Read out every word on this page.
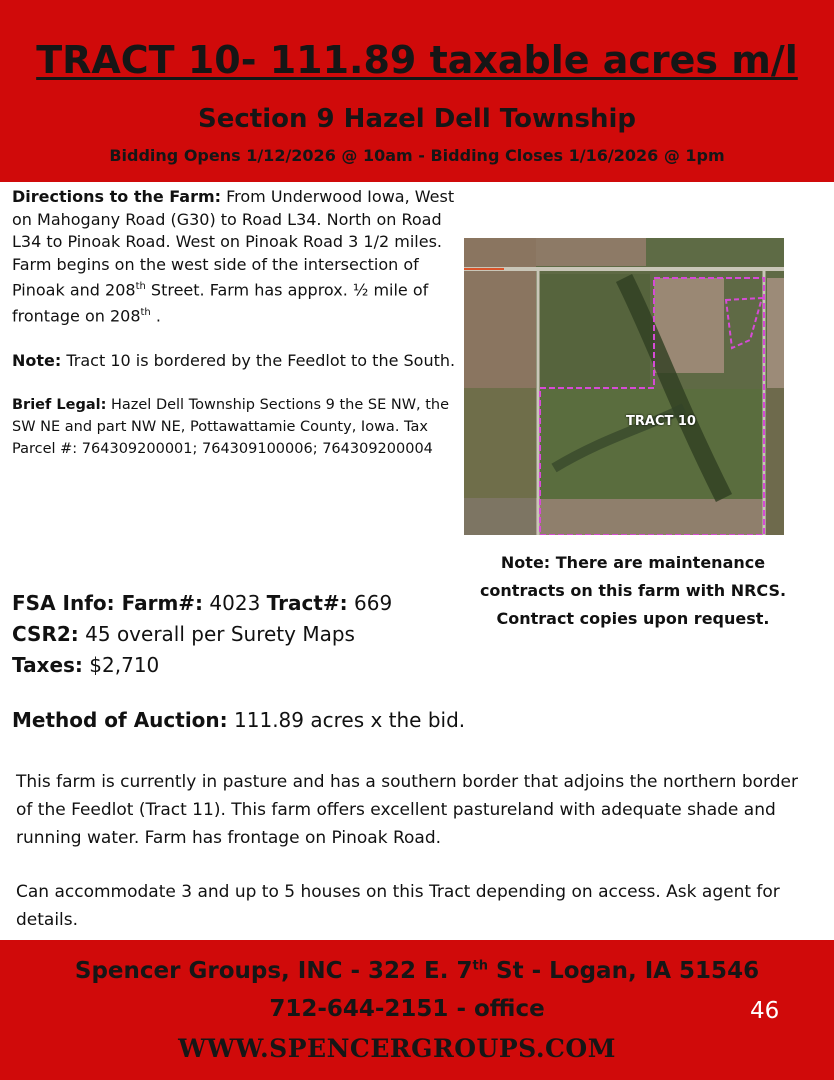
TRACT 10- 111.89 taxable acres m/l
Section 9 Hazel Dell Township
Bidding Opens 1/12/2026 @ 10am - Bidding Closes 1/16/2026 @ 1pm

Directions to the Farm: From Underwood Iowa, West on Mahogany Road (G30) to Road L34. North on Road L34 to Pinoak Road. West on Pinoak Road 3 1/2 miles. Farm begins on the west side of the intersection of Pinoak and 208th Street. Farm has approx. ½ mile of frontage on 208th .

Note: Tract 10 is bordered by the Feedlot to the South.

Brief Legal: Hazel Dell Township Sections 9 the SE NW, the SW NE and part NW NE, Pottawattamie County, Iowa. Tax Parcel #: 764309200001; 764309100006; 764309200004

TRACT 10
Note: There are maintenance contracts on this farm with NRCS. Contract copies upon request.
FSA Info: Farm#: 4023 Tract#: 669
CSR2: 45 overall per Surety Maps
Taxes: $2,710
Method of Auction: 111.89 acres x the bid.

This farm is currently in pasture and has a southern border that adjoins the northern border of the Feedlot (Tract 11). This farm offers excellent pastureland with adequate shade and running water. Farm has frontage on Pinoak Road.

Can accommodate 3 and up to 5 houses on this Tract depending on access. Ask agent for details.

Spencer Groups, INC - 322 E. 7th St - Logan, IA 51546
712-644-2151 - office
WWW.SPENCERGROUPS.COM
46
